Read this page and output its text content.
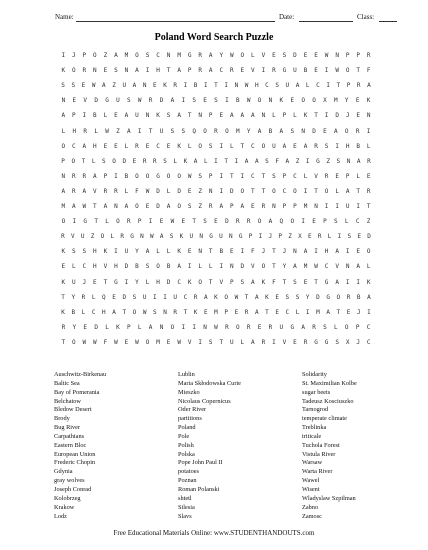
Name:	Date:	Class:
Poland Word Search Puzzle
I	J	P	O	Z	A	M	O	S	C	N	M	G	R	A	Y	W	O	L	V	E	S	D	E	E	W	N	P	P	R
K	O	R	N	E	S	N	A	I	H	T	A	P	R	A	C	R	E	V	I	R	G	U	B	E	I	W	O	T	F
S	S	E	W	A	Z	U	A	N	E	K	R	I	B	I	T	I	N	W	H	C	S	U	A	L	C	I	T	P	R	A
N	E	V	D	G	U	S	W	R	D	A	I	S	E	S	I	B	W	O	N	K	E	O	O	X	M	Y	E	K
A	P	I	B	L	E	A	U	N	K	S	A	T	N	P	E	A	A	A	N	L	P	L	K	T	I	D	J	E	N
L	H	R	L	W	Z	A	I	T	U	S	S	Q	O	R	O	M	Y	A	B	A	S	N	D	E	A	O	R	I
O	C	A	H	E	E	L	R	E	C	E	K	L	O	S	I	L	T	C	O	U	A	E	A	R	S	I	H	B	L
P	O	T	L	S	O	D	E	R	R	S	L	K	A	L	I	T	I	A	A	S	F	A	Z	I	G	Z	S	N	A	R
N	R	R	A	P	I	B	O	O	G	O	O	W	S	P	I	T	I	C	T	S	P	C	L	V	R	E	P	L	E
A	R	A	V	R	R	L	F	W	D	L	D	E	Z	N	I	D	O	T	T	O	C	O	I	T	O	L	A	T	R
M	A	W	T	A	N	A	O	E	D	A	O	S	Z	R	A	P	A	E	R	N	P	P	M	N	I	I	U	I	T
O	I	G	T	L	O	R	P	I	E	W	E	T	S	E	D	R	R	O	A	Q	O	I	E	P	S	L	C	Z
R	V	U	Z	O	L	R	G	N	W	A	S	K	U	N	G	U	N	G	P	I	J	P	Z	X	E	R	L	I	S	E	D
K	S	S	H	K	I	U	Y	A	L	L	K	E	N	T	B	E	I	F	J	T	J	N	A	I	H	A	I	E	O
E	L	C	H	V	H	D	B	S	O	B	A	I	L	L	I	N	D	V	O	T	Y	A	M	W	C	V	N	A	L
K	U	J	E	T	G	I	Y	L	H	D	C	K	O	T	V	P	S	A	K	F	T	S	E	T	G	A	I	I	K
T	Y	R	L	Q	E	D	S	U	I	I	U	C	R	A	K	O	W	T	A	K	E	S	S	Y	D	G	O	R	B	A
K	B	L	C	H	A	T	O	W	S	N	R	T	K	E	M	P	E	R	A	T	E	C	L	I	M	A	T	E	J	I
R	Y	E	D	L	K	P	L	A	N	O	I	I	N	W	R	O	R	E	R	U	G	A	R	S	L	O	P	C
T	O	W	W	F	W	E	W	O	M	E	W	V	I	S	T	U	L	A	R	I	V	E	R	G	G	S	X	J	C
Auschwitz-Birkenau
Baltic Sea
Bay of Pomerania
Belchatow
Bledow Desert
Brody
Bug River
Carpathians
Eastern Bloc
European Union
Frederic Chopin
Gdynia
gray wolves
Joseph Conrad
Kolobrzeg
Krakow
Lodz
Lublin
Maria Skłodowska Curie
Mieszko
Nicolaus Copernicus
Oder River
partitions
Poland
Pole
Polish
Polska
Pope John Paul II
potatoes
Poznan
Roman Polanski
shtetl
Silesia
Slavs
Solidarity
St. Maximilian Kolbe
sugar beets
Tadeusz Kosciuszko
Tarnogrod
temperate climate
Treblinka
triticale
Tuchola Forest
Vistula River
Warsaw
Warta River
Wawel
Wisent
Wladyslaw Szpilman
Zabno
Zamosc
Free Educational Materials Online: www.STUDENTHANDOUTS.com
